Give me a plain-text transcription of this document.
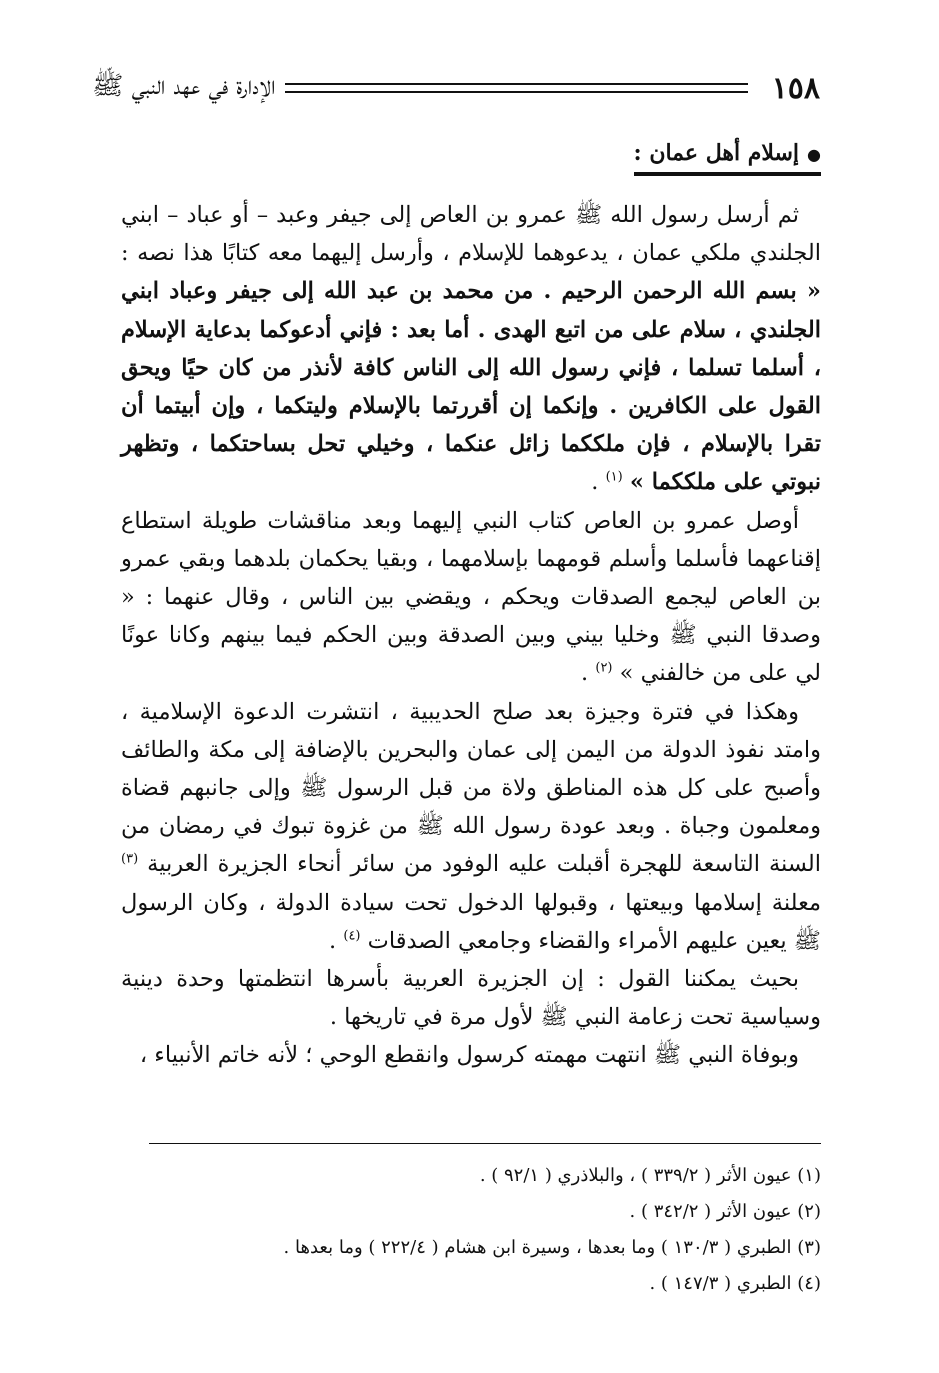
١٥٨
الإدارة في عهد النبي ﷺ
●إسلام أهل عمان :

ثم أرسل رسول الله ﷺ عمرو بن العاص إلى جيفر وعبد – أو عباد – ابني الجلندي ملكي عمان ، يدعوهما للإسلام ، وأرسل إليهما معه كتابًا هذا نصه : « بسم الله الرحمن الرحيم . من محمد بن عبد الله إلى جيفر وعباد ابني الجلندي ، سلام على من اتبع الهدى . أما بعد : فإني أدعوكما بدعاية الإسلام ، أسلما تسلما ، فإني رسول الله إلى الناس كافة لأنذر من كان حيًا ويحق القول على الكافرين . وإنكما إن أقررتما بالإسلام وليتكما ، وإن أبيتما أن تقرا بالإسلام ، فإن ملككما زائل عنكما ، وخيلي تحل بساحتكما ، وتظهر نبوتي على ملككما » $^{(١)}$ .

أوصل عمرو بن العاص كتاب النبي إليهما وبعد مناقشات طويلة استطاع إقناعهما فأسلما وأسلم قومهما بإسلامهما ، وبقيا يحكمان بلدهما وبقي عمرو بن العاص ليجمع الصدقات ويحكم ، ويقضي بين الناس ، وقال عنهما : « وصدقا النبي ﷺ وخليا بيني وبين الصدقة وبين الحكم فيما بينهم وكانا عونًا لي على من خالفني » $^{(٢)}$ .

وهكذا في فترة وجيزة بعد صلح الحديبية ، انتشرت الدعوة الإسلامية ، وامتد نفوذ الدولة من اليمن إلى عمان والبحرين بالإضافة إلى مكة والطائف وأصبح على كل هذه المناطق ولاة من قبل الرسول ﷺ وإلى جانبهم قضاة ومعلمون وجباة . وبعد عودة رسول الله ﷺ من غزوة تبوك في رمضان من السنة التاسعة للهجرة أقبلت عليه الوفود من سائر أنحاء الجزيرة العربية $^{(٣)}$ معلنة إسلامها وبيعتها ، وقبولها الدخول تحت سيادة الدولة ، وكان الرسول ﷺ يعين عليهم الأمراء والقضاء وجامعي الصدقات $^{(٤)}$ .

بحيث يمكننا القول : إن الجزيرة العربية بأسرها انتظمتها وحدة دينية وسياسية تحت زعامة النبي ﷺ لأول مرة في تاريخها .

وبوفاة النبي ﷺ انتهت مهمته كرسول وانقطع الوحي ؛ لأنه خاتم الأنبياء ،

(١) عيون الأثر ( ٣٣٩/٢ ) ، والبلاذري ( ٩٢/١ ) .

(٢) عيون الأثر ( ٣٤٢/٢ ) .

(٣) الطبري ( ١٣٠/٣ ) وما بعدها ، وسيرة ابن هشام ( ٢٢٢/٤ ) وما بعدها .

(٤) الطبري ( ١٤٧/٣ ) .
